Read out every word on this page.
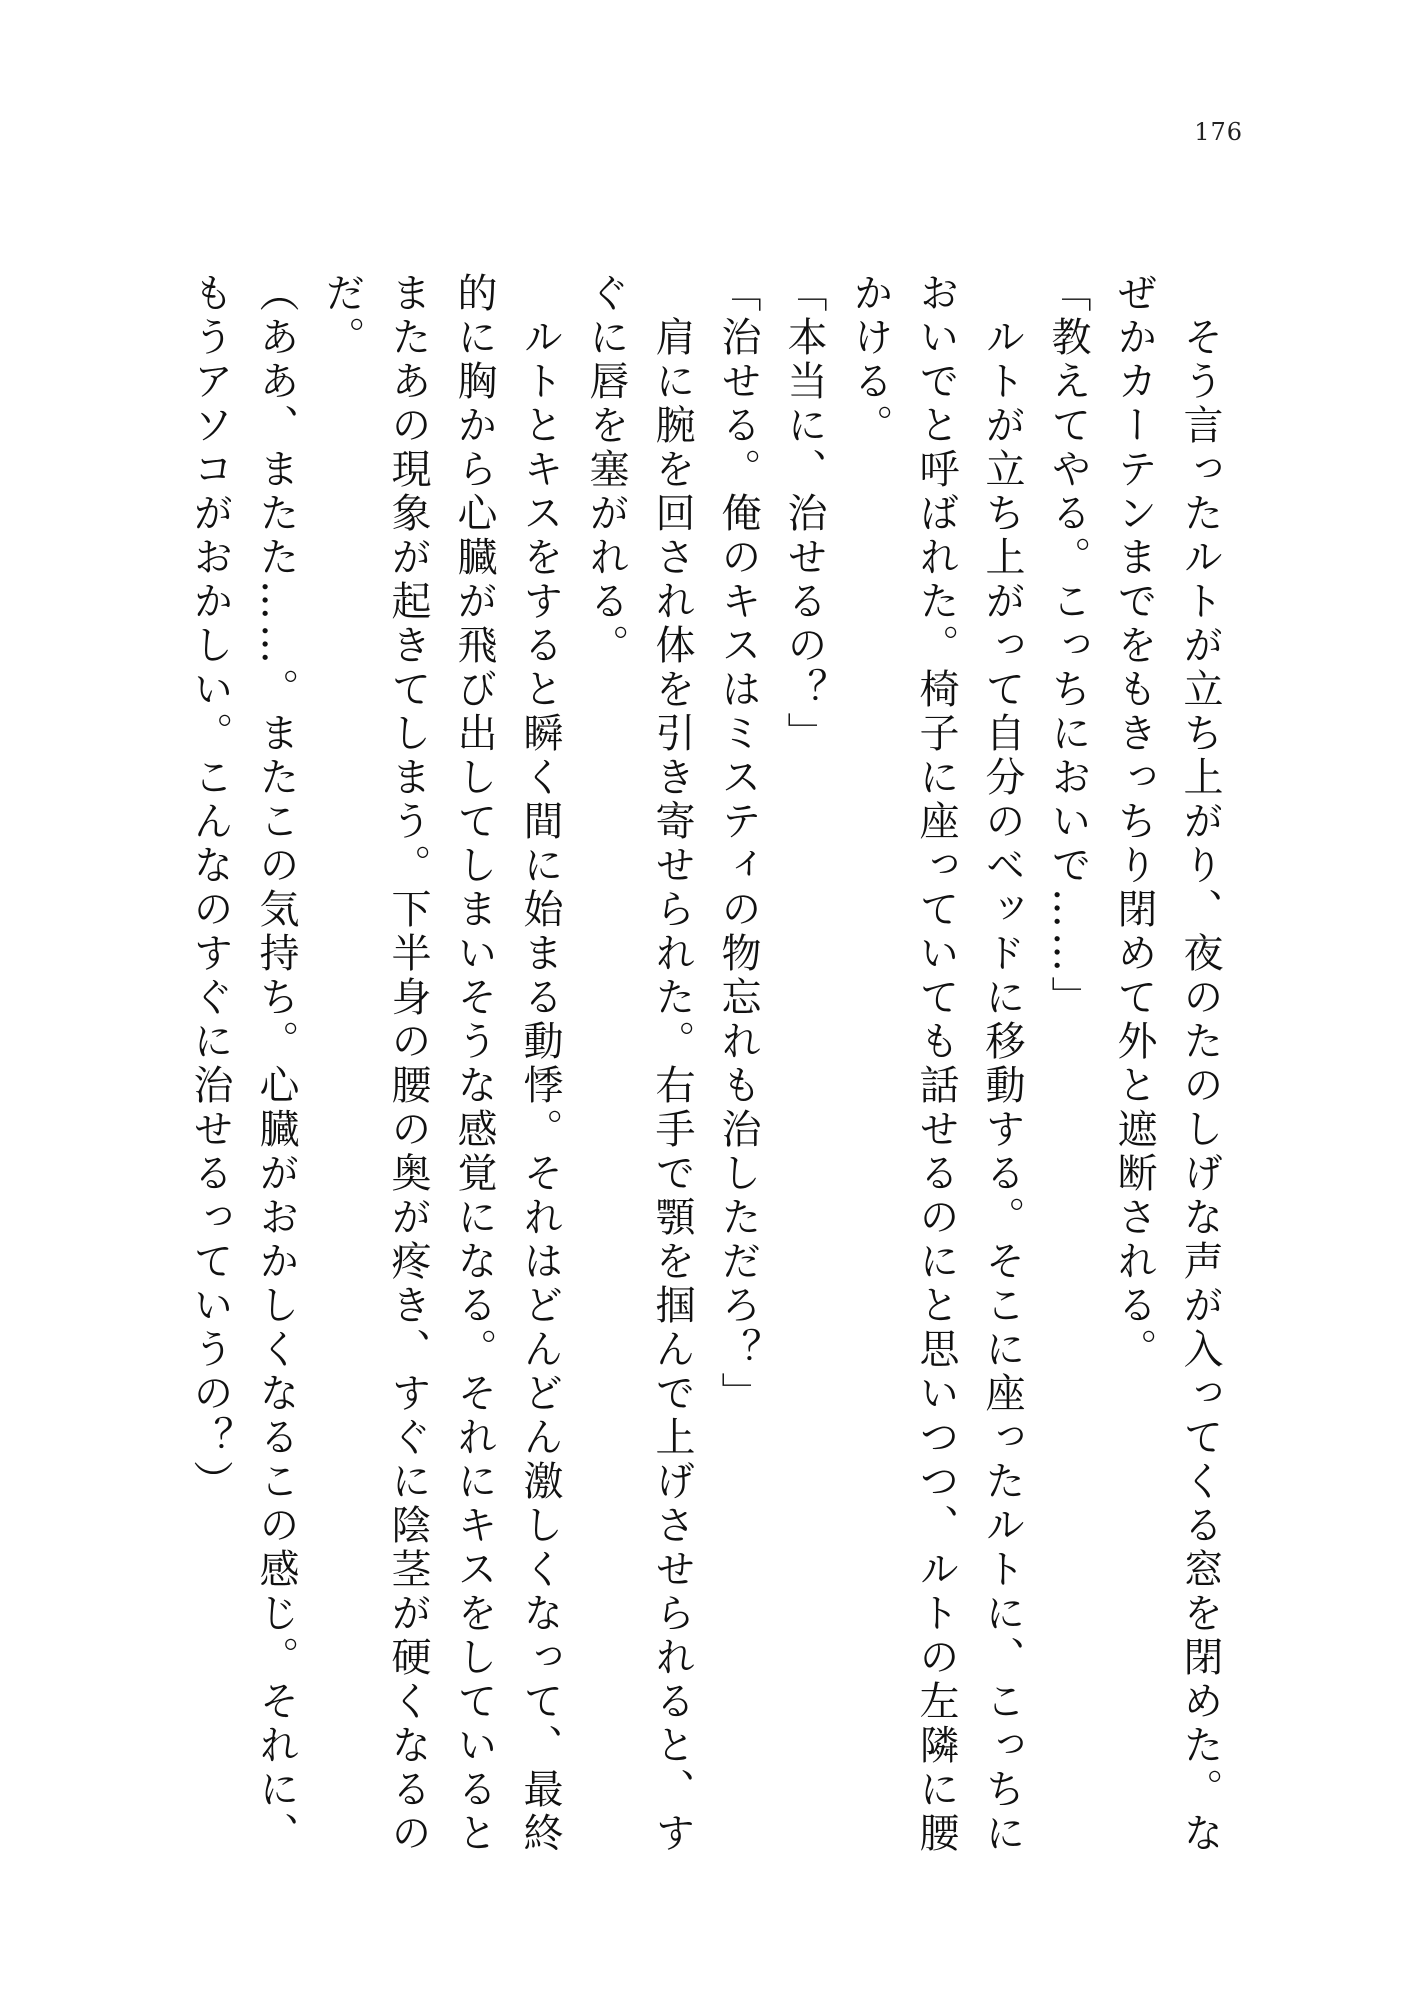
176

　そう言ったルトが立ち上がり、夜のたのしげな声が入ってくる窓を閉めた。なぜかカーテンまでをもきっちり閉めて外と遮断される。

「教えてやる。こっちにおいで……」

　ルトが立ち上がって自分のベッドに移動する。そこに座ったルトに、こっちにおいでと呼ばれた。椅子に座っていても話せるのにと思いつつ、ルトの左隣に腰かける。

「本当に、治せるの？」

「治せる。俺のキスはミスティの物忘れも治しただろ？」

　肩に腕を回され体を引き寄せられた。右手で顎を掴んで上げさせられると、すぐに唇を塞がれる。

　ルトとキスをすると瞬く間に始まる動悸。それはどんどん激しくなって、最終的に胸から心臓が飛び出してしまいそうな感覚になる。それにキスをしているとまたあの現象が起きてしまう。下半身の腰の奥が疼き、すぐに陰茎が硬くなるのだ。

（ああ、またた……。またこの気持ち。心臓がおかしくなるこの感じ。それに、もうアソコがおかしい。こんなのすぐに治せるっていうの？）
